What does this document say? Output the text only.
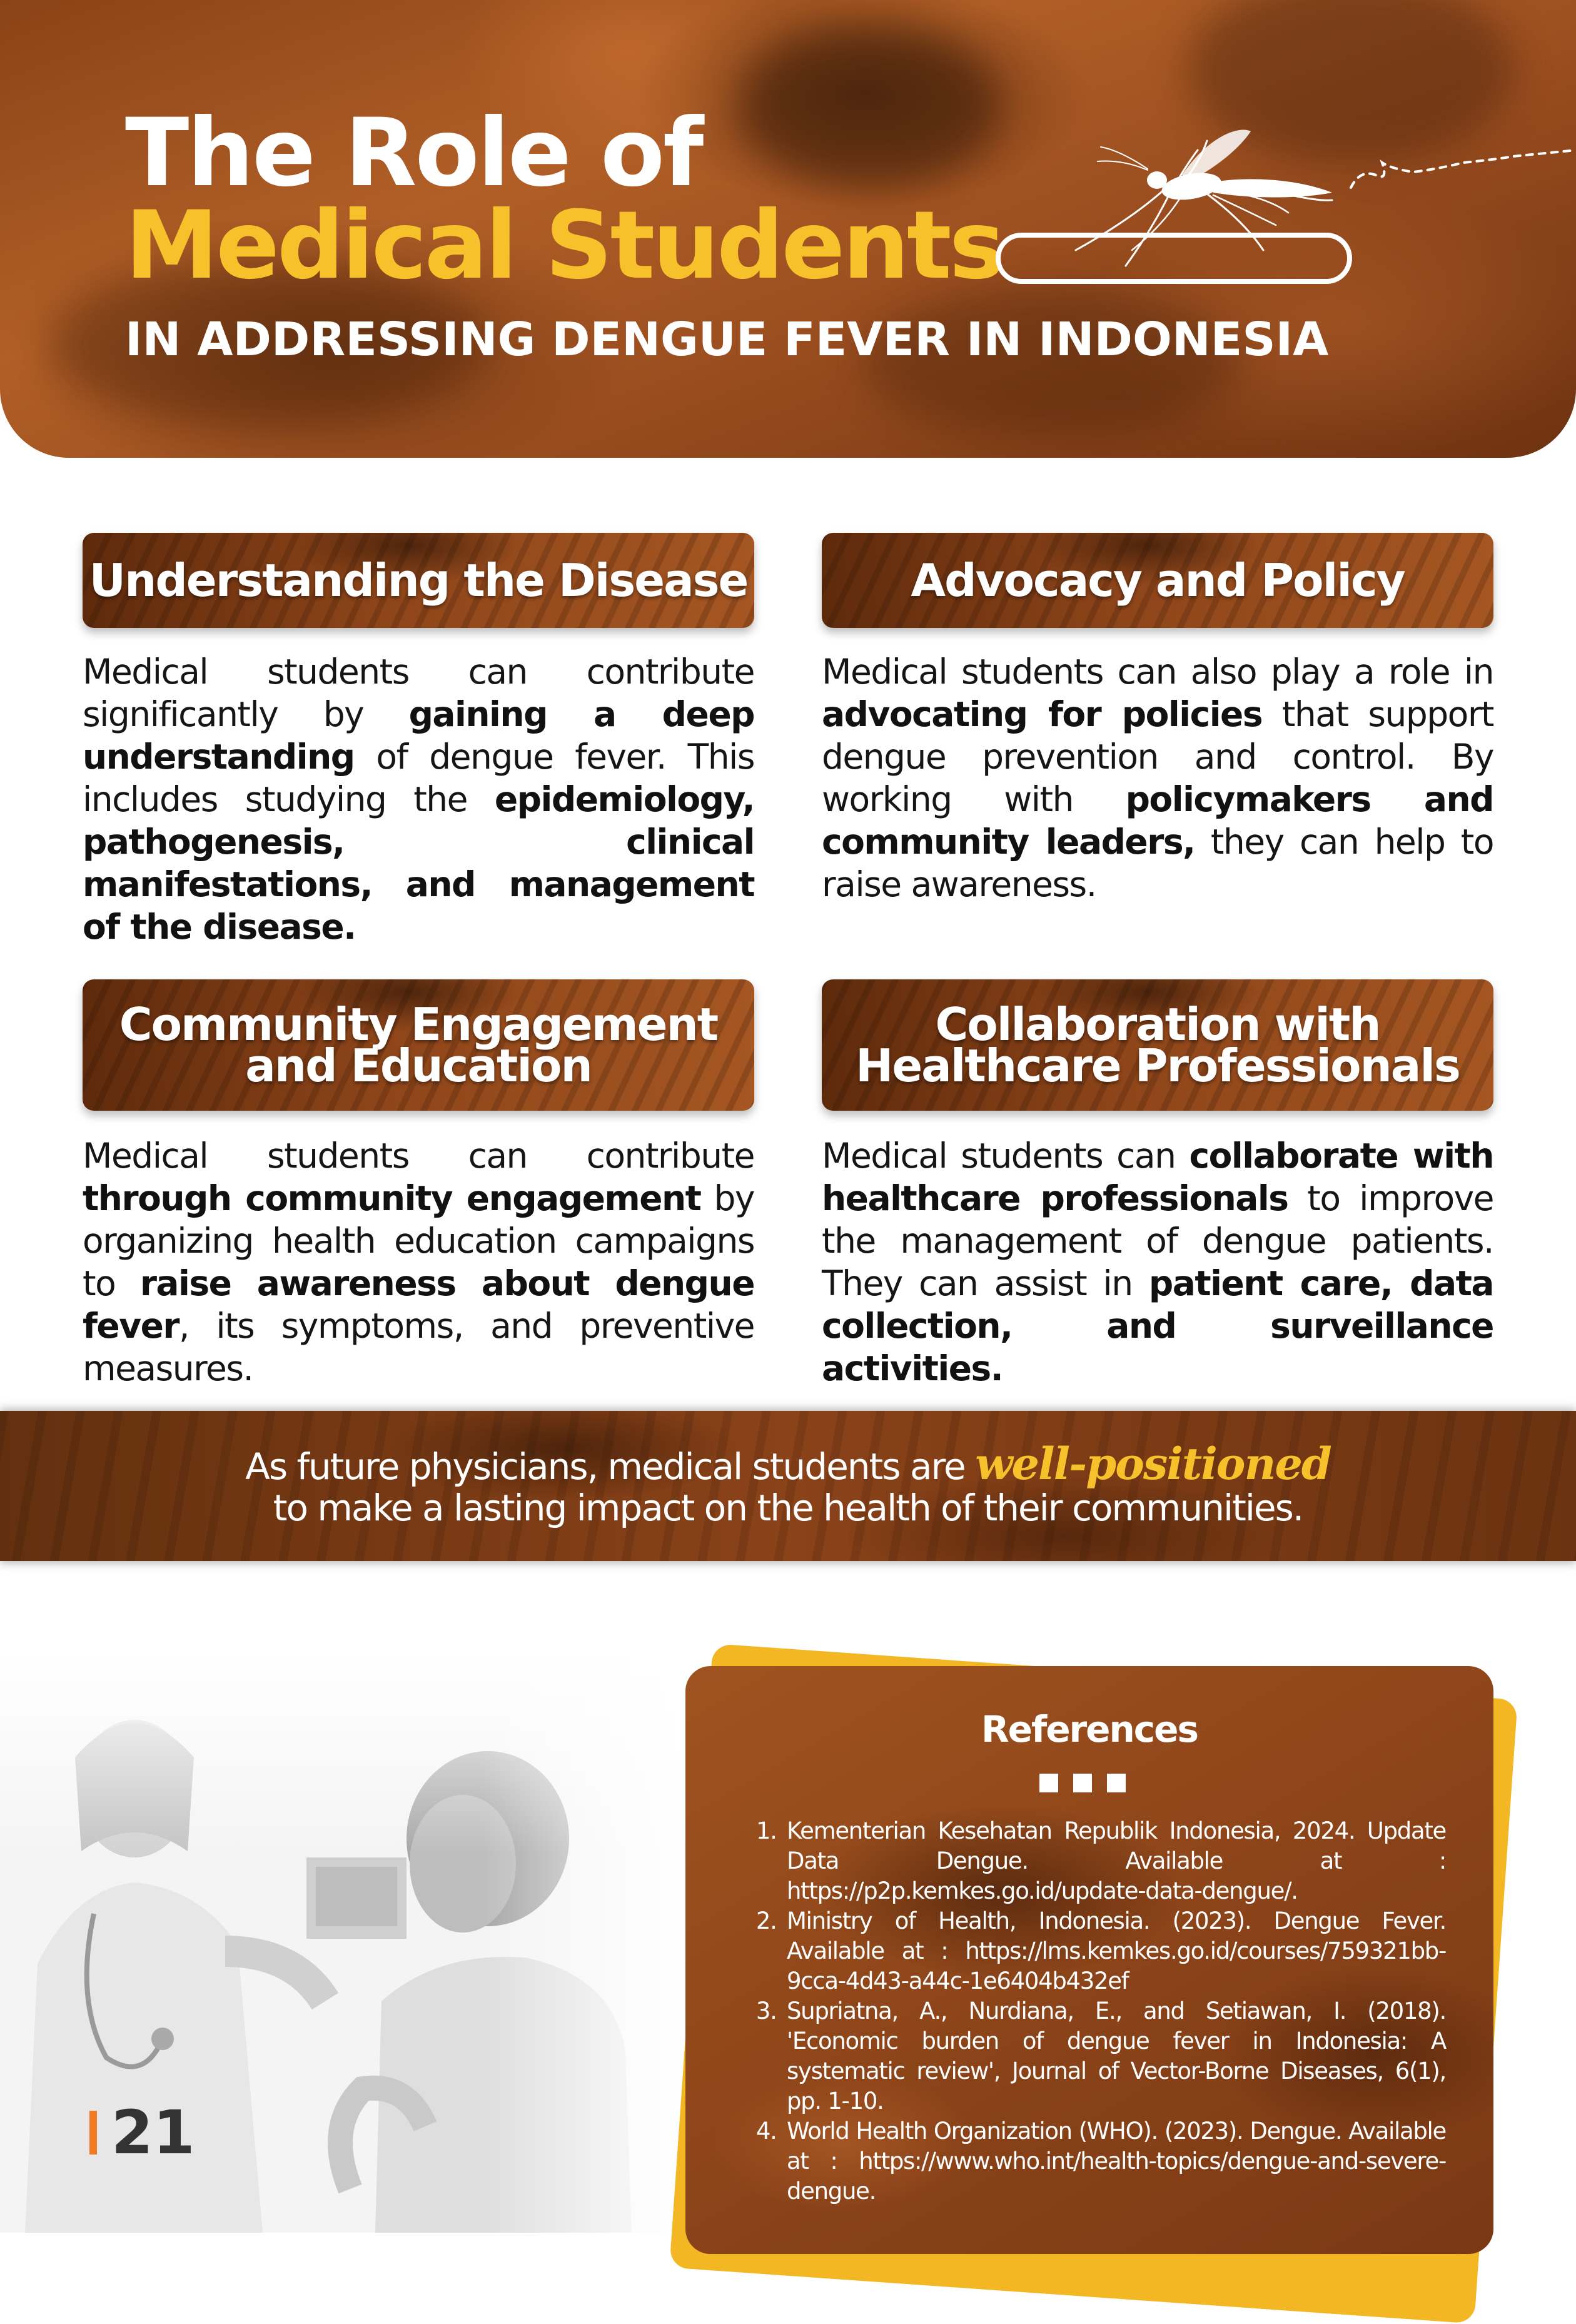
The Role of
Medical Students
IN ADDRESSING DENGUE FEVER IN INDONESIA
Understanding the Disease
Medical students can contribute significantly by gaining a deep understanding of dengue fever. This includes studying the epidemiology, pathogenesis, clinical manifestations, and management of the disease.
Advocacy and Policy
Medical students can also play a role in advocating for policies that support dengue prevention and control. By working with policymakers and community leaders, they can help to raise awareness.
Community Engagement
and Education
Medical students can contribute through community engagement by organizing health education campaigns to raise awareness about dengue fever, its symptoms, and preventive measures.
Collaboration with
Healthcare Professionals
Medical students can collaborate with healthcare professionals to improve the management of dengue patients. They can assist in patient care, data collection, and surveillance activities.
As future physicians, medical students are well-positioned
to make a lasting impact on the health of their communities.
References
1. Kementerian Kesehatan Republik Indonesia, 2024. Update Data Dengue. Available at : https://p2p.kemkes.go.id/update-data-dengue/.
2. Ministry of Health, Indonesia. (2023). Dengue Fever. Available at : https://lms.kemkes.go.id/courses/759321bb-9cca-4d43-a44c-1e6404b432ef
3. Supriatna, A., Nurdiana, E., and Setiawan, I. (2018). 'Economic burden of dengue fever in Indonesia: A systematic review', Journal of Vector-Borne Diseases, 6(1), pp. 1-10.
4. World Health Organization (WHO). (2023). Dengue. Available at : https://www.who.int/health-topics/dengue-and-severe-dengue.
21
